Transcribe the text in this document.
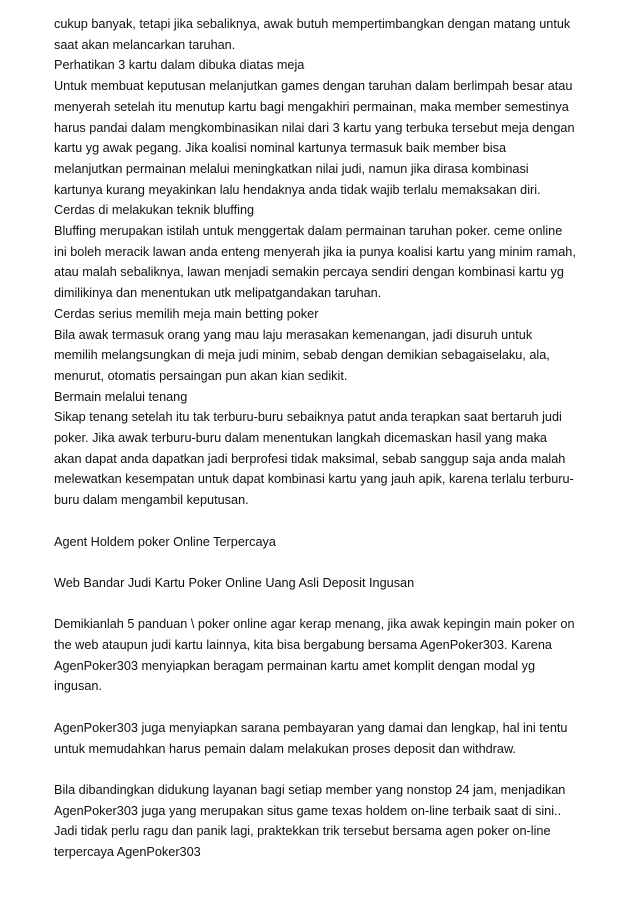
cukup banyak, tetapi jika sebaliknya, awak butuh mempertimbangkan dengan matang untuk
saat akan melancarkan taruhan.
Perhatikan 3 kartu dalam dibuka diatas meja
Untuk membuat keputusan melanjutkan games dengan taruhan dalam berlimpah besar atau
menyerah setelah itu menutup kartu bagi mengakhiri permainan, maka member semestinya
harus pandai dalam mengkombinasikan nilai dari 3 kartu yang terbuka tersebut meja dengan
kartu yg awak pegang. Jika koalisi nominal kartunya termasuk baik member bisa
melanjutkan permainan melalui meningkatkan nilai judi, namun jika dirasa kombinasi
kartunya kurang meyakinkan lalu hendaknya anda tidak wajib terlalu memaksakan diri.
Cerdas di melakukan teknik bluffing
Bluffing merupakan istilah untuk menggertak dalam permainan taruhan poker. ceme online
ini boleh meracik lawan anda enteng menyerah jika ia punya koalisi kartu yang minim ramah,
atau malah sebaliknya, lawan menjadi semakin percaya sendiri dengan kombinasi kartu yg
dimilikinya dan menentukan utk melipatgandakan taruhan.
Cerdas serius memilih meja main betting poker
Bila awak termasuk orang yang mau laju merasakan kemenangan, jadi disuruh untuk
memilih melangsungkan di meja judi minim, sebab dengan demikian sebagaiselaku, ala,
menurut, otomatis persaingan pun akan kian sedikit.
Bermain melalui tenang
Sikap tenang setelah itu tak terburu-buru sebaiknya patut anda terapkan saat bertaruh judi
poker. Jika awak terburu-buru dalam menentukan langkah dicemaskan hasil yang maka
akan dapat anda dapatkan jadi berprofesi tidak maksimal, sebab sanggup saja anda malah
melewatkan kesempatan untuk dapat kombinasi kartu yang jauh apik, karena terlalu terburu-
buru dalam mengambil keputusan.
Agent Holdem poker Online Terpercaya
Web Bandar Judi Kartu Poker Online Uang Asli Deposit Ingusan
Demikianlah 5 panduan \ poker online agar kerap menang, jika awak kepingin main poker on
the web ataupun judi kartu lainnya, kita bisa bergabung bersama AgenPoker303. Karena
AgenPoker303 menyiapkan beragam permainan kartu amet komplit dengan modal yg
ingusan.
AgenPoker303 juga menyiapkan sarana pembayaran yang damai dan lengkap, hal ini tentu
untuk memudahkan harus pemain dalam melakukan proses deposit dan withdraw.
Bila dibandingkan didukung layanan bagi setiap member yang nonstop 24 jam, menjadikan
AgenPoker303 juga yang merupakan situs game texas holdem on-line terbaik saat di sini..
Jadi tidak perlu ragu dan panik lagi, praktekkan trik tersebut bersama agen poker on-line
terpercaya AgenPoker303
